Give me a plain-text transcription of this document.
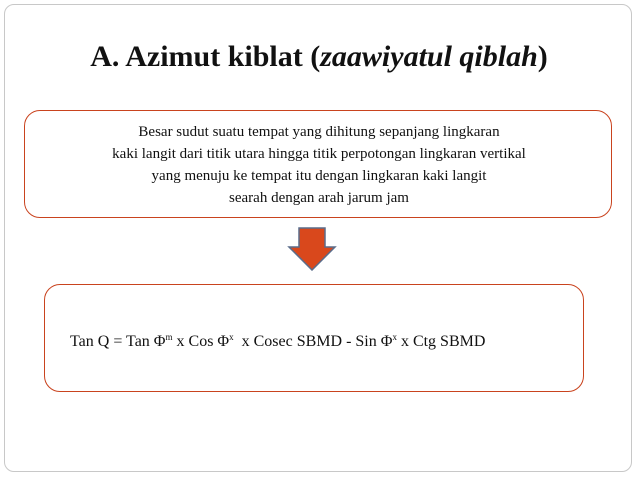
A. Azimut kiblat (zaawiyatul qiblah)
Besar sudut suatu tempat yang dihitung sepanjang lingkaran
kaki langit dari titik utara hingga titik perpotongan lingkaran vertikal
yang menuju ke tempat itu dengan lingkaran kaki langit
searah dengan arah jarum jam
Tan Q = Tan $\Phi^m$ x Cos $\Phi^x$  x Cosec SBMD - Sin $\Phi^x$ x Ctg SBMD
